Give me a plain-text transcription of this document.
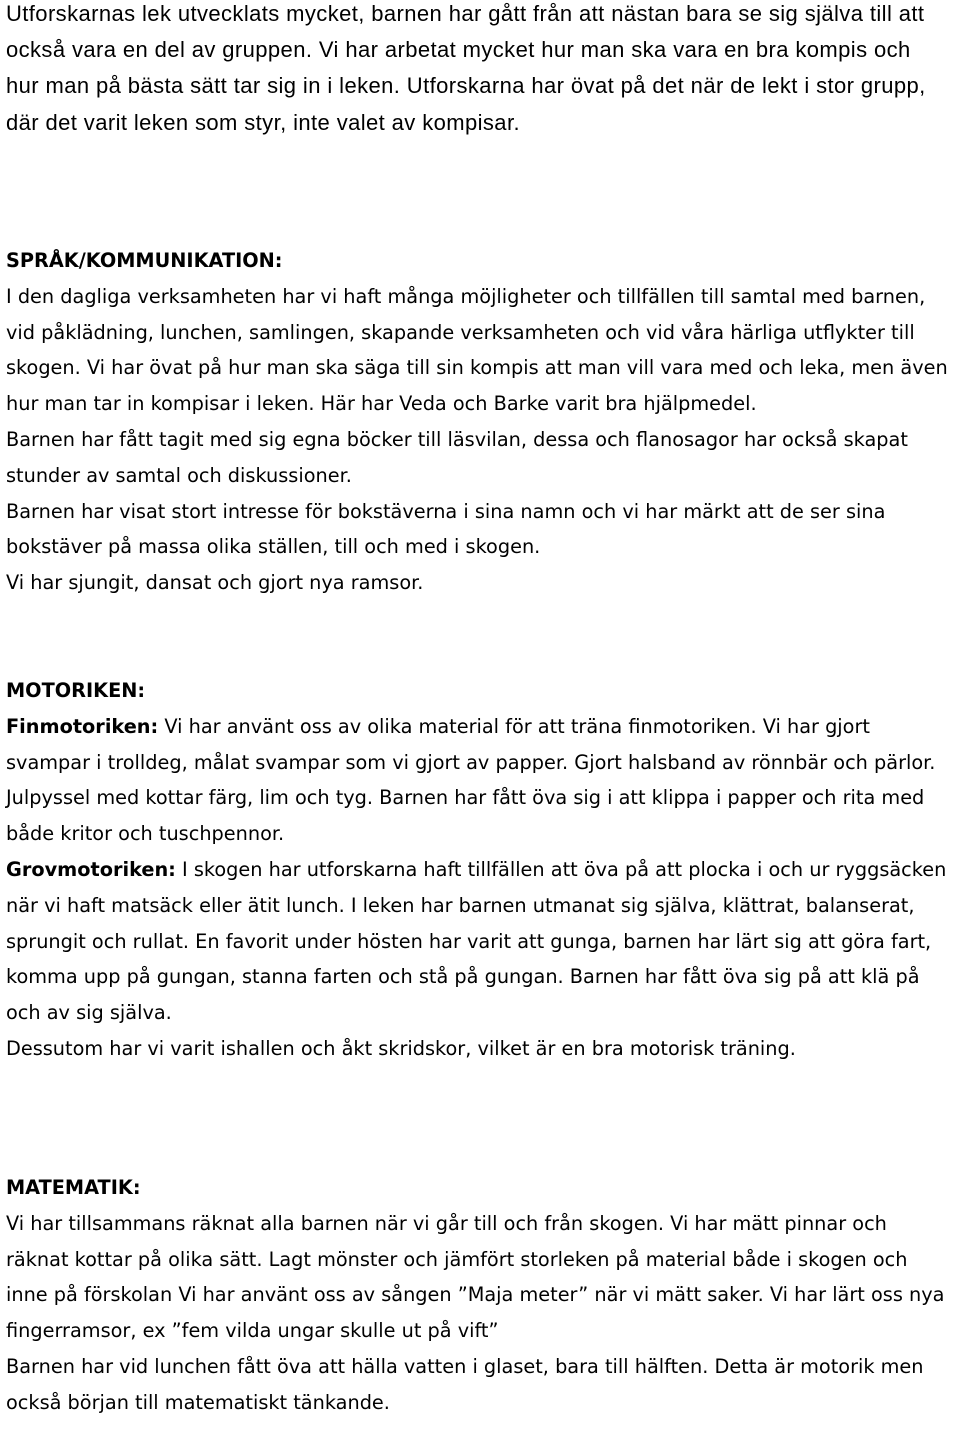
Utforskarnas lek utvecklats mycket, barnen har gått från att nästan bara se sig själva till att också vara en del av gruppen. Vi har arbetat mycket hur man ska vara en bra kompis och hur man på bästa sätt tar sig in i leken. Utforskarna har övat på det när de lekt i stor grupp, där det varit leken som styr, inte valet av kompisar.

SPRÅK/KOMMUNIKATION:
I den dagliga verksamheten har vi haft många möjligheter och tillfällen till samtal med barnen, vid påklädning, lunchen, samlingen, skapande verksamheten och vid våra härliga utflykter till skogen. Vi har övat på hur man ska säga till sin kompis att man vill vara med och leka, men även hur man tar in kompisar i leken. Här har Veda och Barke varit bra hjälpmedel.
Barnen har fått tagit med sig egna böcker till läsvilan, dessa och flanosagor har också skapat stunder av samtal och diskussioner.
Barnen har visat stort intresse för bokstäverna i sina namn och vi har märkt att de ser sina bokstäver på massa olika ställen, till och med i skogen.
Vi har sjungit, dansat och gjort nya ramsor.
MOTORIKEN:
Finmotoriken: Vi har använt oss av olika material för att träna finmotoriken. Vi har gjort svampar i trolldeg, målat svampar som vi gjort av papper. Gjort halsband av rönnbär och pärlor. Julpyssel med kottar färg, lim och tyg. Barnen har fått öva sig i att klippa i papper och rita med både kritor och tuschpennor.
Grovmotoriken: I skogen har utforskarna haft tillfällen att öva på att plocka i och ur ryggsäcken när vi haft matsäck eller ätit lunch. I leken har barnen utmanat sig själva, klättrat, balanserat, sprungit och rullat. En favorit under hösten har varit att gunga, barnen har lärt sig att göra fart, komma upp på gungan, stanna farten och stå på gungan. Barnen har fått öva sig på att klä på och av sig själva.
Dessutom har vi varit ishallen och åkt skridskor, vilket är en bra motorisk träning.
MATEMATIK:
Vi har tillsammans räknat alla barnen när vi går till och från skogen. Vi har mätt pinnar och räknat kottar på olika sätt. Lagt mönster och jämfört storleken på material både i skogen och inne på förskolan Vi har använt oss av sången ”Maja meter” när vi mätt saker. Vi har lärt oss nya fingerramsor, ex ”fem vilda ungar skulle ut på vift”
Barnen har vid lunchen fått öva att hälla vatten i glaset, bara till hälften. Detta är motorik men också början till matematiskt tänkande.
